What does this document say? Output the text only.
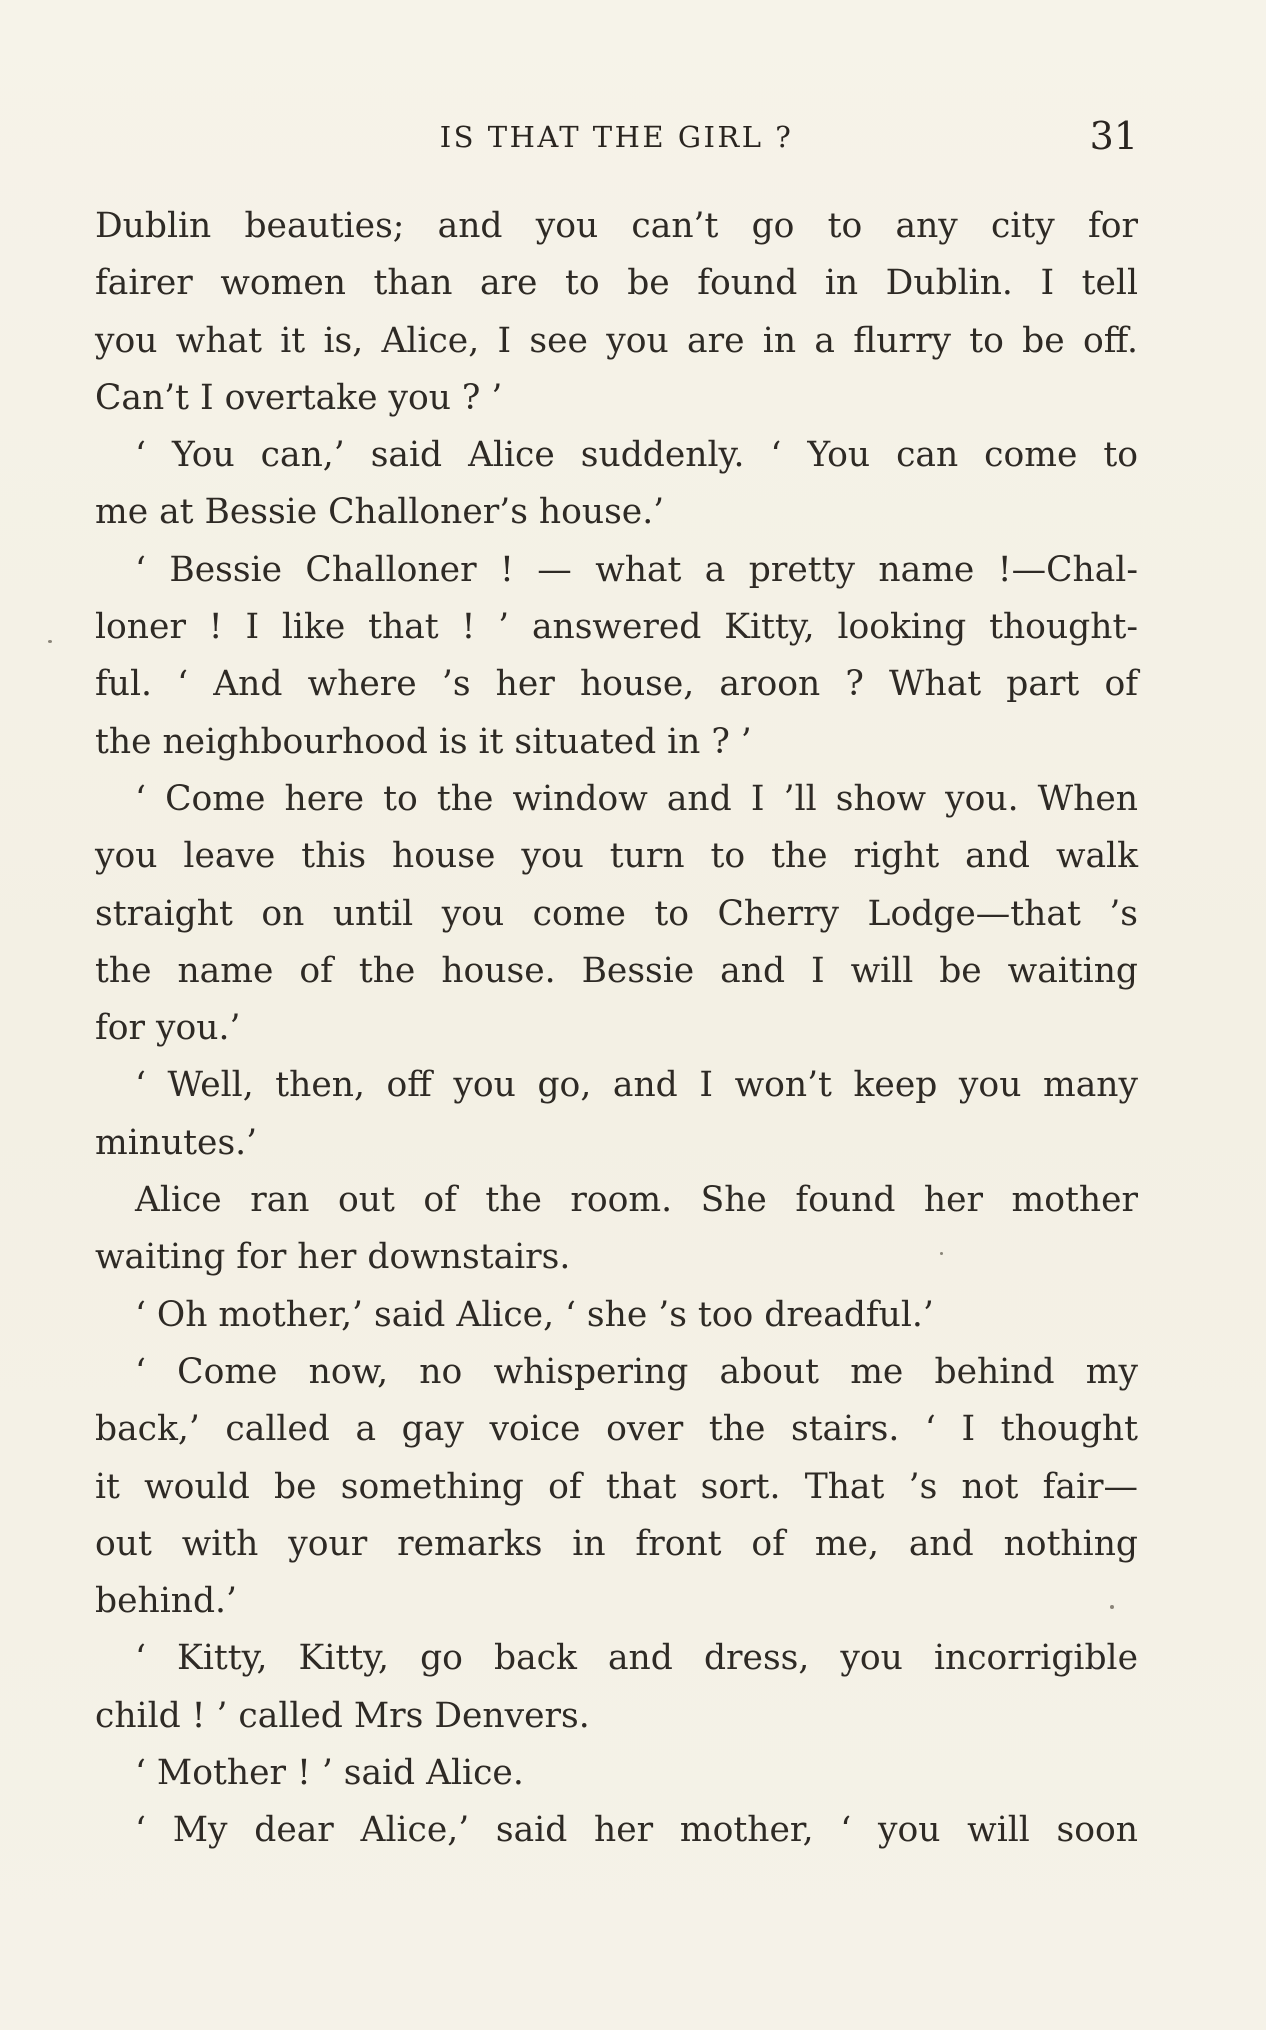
IS THAT THE GIRL ?	31
Dublin beauties; and you can’t go to any city for
fairer women than are to be found in Dublin. I tell
you what it is, Alice, I see you are in a flurry to be off.
Can’t I overtake you ? ’
‘ You can,’ said Alice suddenly. ‘ You can come to
me at Bessie Challoner’s house.’
‘ Bessie Challoner ! — what a pretty name !—Chal-
loner ! I like that ! ’ answered Kitty, looking thought-
ful. ‘ And where ’s her house, aroon ? What part of
the neighbourhood is it situated in ? ’
‘ Come here to the window and I ’ll show you. When
you leave this house you turn to the right and walk
straight on until you come to Cherry Lodge—that ’s
the name of the house. Bessie and I will be waiting
for you.’
‘ Well, then, off you go, and I won’t keep you many
minutes.’
Alice ran out of the room. She found her mother
waiting for her downstairs.
‘ Oh mother,’ said Alice, ‘ she ’s too dreadful.’
‘ Come now, no whispering about me behind my
back,’ called a gay voice over the stairs. ‘ I thought
it would be something of that sort. That ’s not fair—
out with your remarks in front of me, and nothing
behind.’
‘ Kitty, Kitty, go back and dress, you incorrigible
child ! ’ called Mrs Denvers.
‘ Mother ! ’ said Alice.
‘ My dear Alice,’ said her mother, ‘ you will soon
